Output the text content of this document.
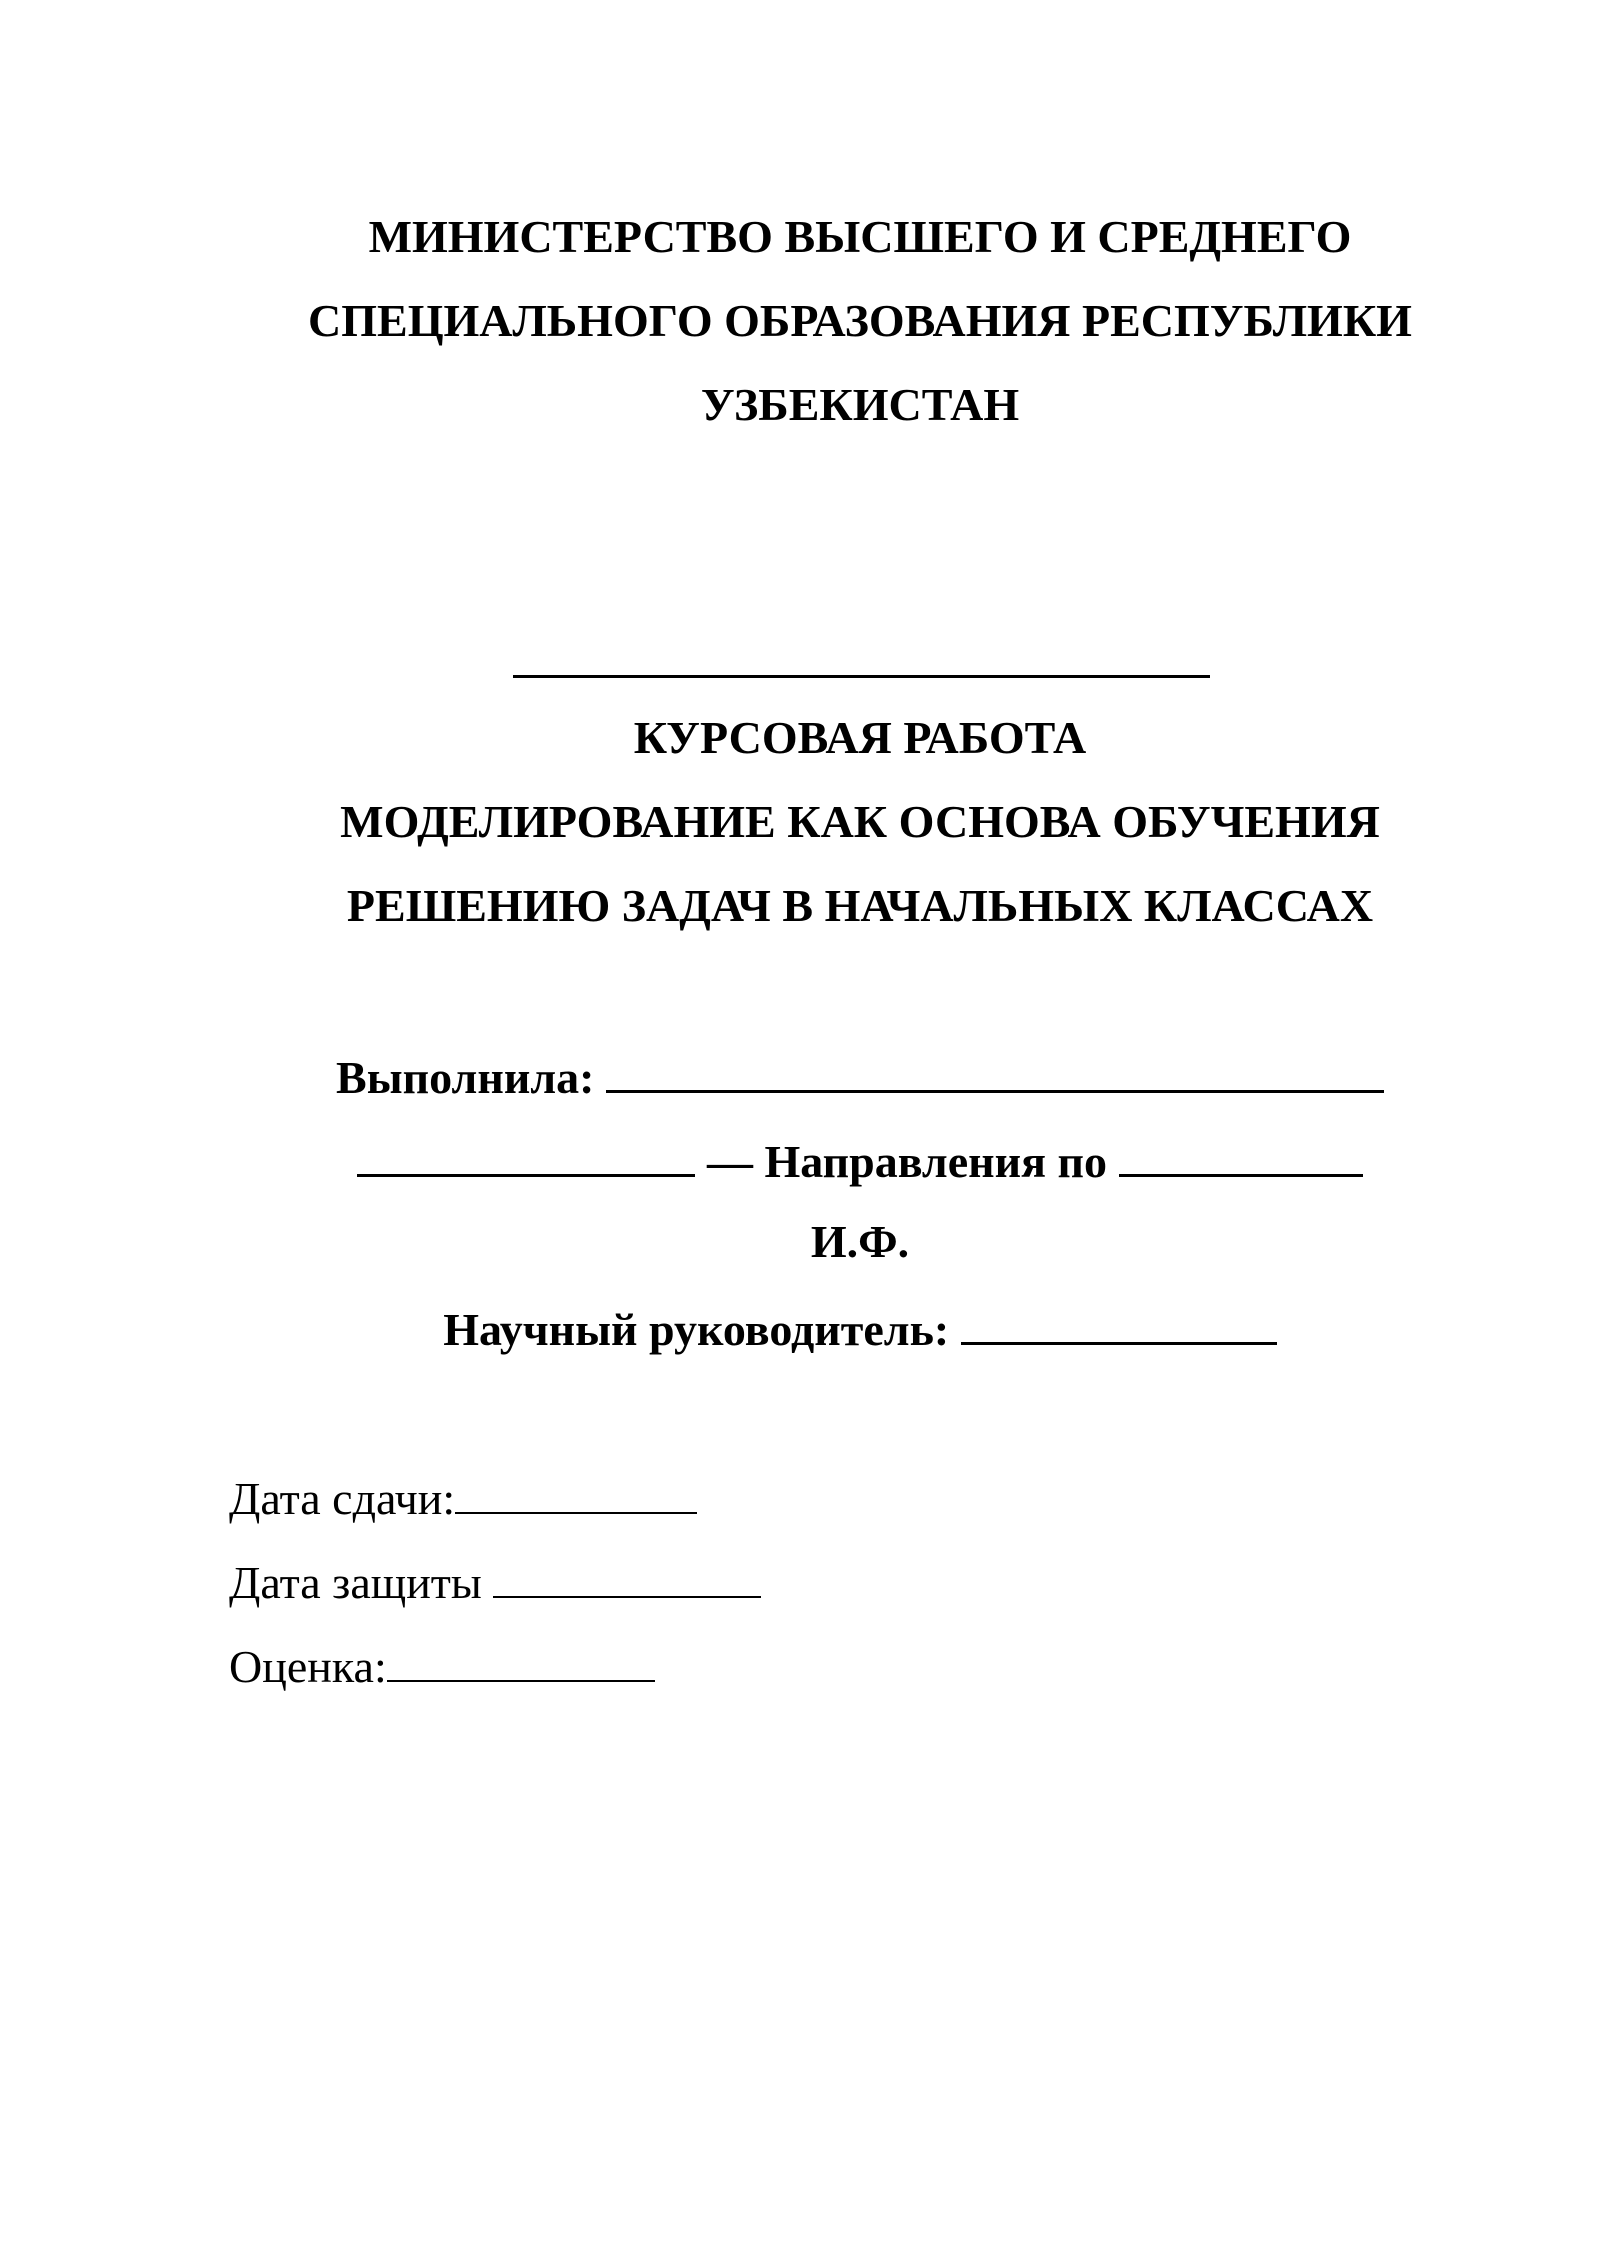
МИНИСТЕРСТВО ВЫСШЕГО И СРЕДНЕГО
СПЕЦИАЛЬНОГО ОБРАЗОВАНИЯ РЕСПУБЛИКИ
УЗБЕКИСТАН
КУРСОВАЯ РАБОТА
МОДЕЛИРОВАНИЕ КАК ОСНОВА ОБУЧЕНИЯ
РЕШЕНИЮ ЗАДАЧ В НАЧАЛЬНЫХ КЛАССАХ
Выполнила:
— Направления по
И.Ф.
Научный руководитель:
Дата сдачи:
Дата защиты
Оценка:
